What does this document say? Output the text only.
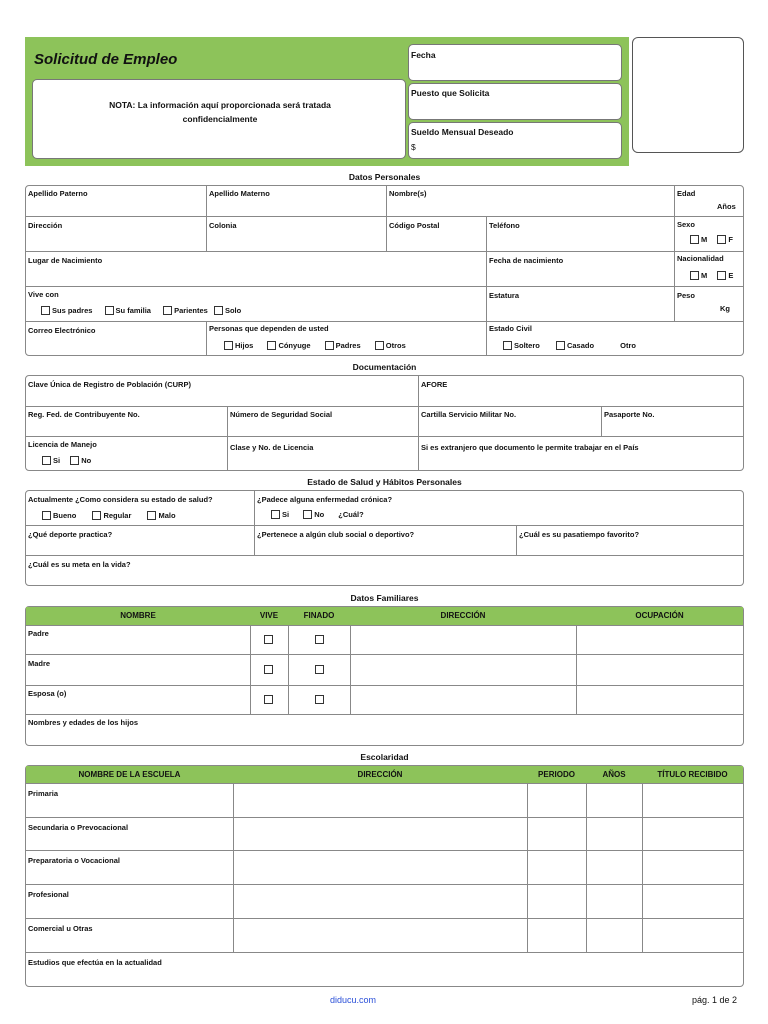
Solicitud de Empleo
NOTA: La información aquí proporcionada será tratada confidencialmente
Fecha
Puesto que Solicita
Sueldo Mensual Deseado
$
Datos Personales
Apellido Paterno	Apellido Materno	Nombre(s)	Edad
Años
Dirección	Colonia	Código Postal	Teléfono	Sexo
M	F
Lugar de Nacimiento	Fecha de nacimiento	Nacionalidad
M	E
Vive con
Sus padres	Su familia	Parientes Solo
Estatura	Peso
Kg
Correo Electrónico	Personas que dependen de usted
Hijos	Cónyuge	Padres	Otros
Estado Civil
Soltero	Casado	Otro
Documentación
Clave Única de Registro de Población (CURP)	AFORE
Reg. Fed. de Contribuyente No.	Número de Seguridad Social	Cartilla Servicio Militar No.	Pasaporte No.
Licencia de Manejo
Si	No
Clase y No. de Licencia	Si es extranjero que documento le permite trabajar en el País
Estado de Salud y Hábitos Personales
Actualmente ¿Como considera su estado de salud?
Bueno	Regular	Malo
¿Padece alguna enfermedad crónica?
Si	No ¿Cuál?
¿Qué deporte practica?	¿Pertenece a algún club social o deportivo?	¿Cuál es su pasatiempo favorito?
¿Cuál es su meta en la vida?
Datos Familiares
NOMBRE	VIVE	FINADO	DIRECCIÓN	OCUPACIÓN
Padre
Madre
Esposa (o)
Nombres y edades de los hijos
Escolaridad
NOMBRE DE LA ESCUELA	DIRECCIÓN	PERIODO	AÑOS	TÍTULO RECIBIDO
Primaria
Secundaria o Prevocacional
Preparatoria o Vocacional
Profesional
Comercial u Otras
Estudios que efectúa en la actualidad
diducu.com	pág. 1 de 2
